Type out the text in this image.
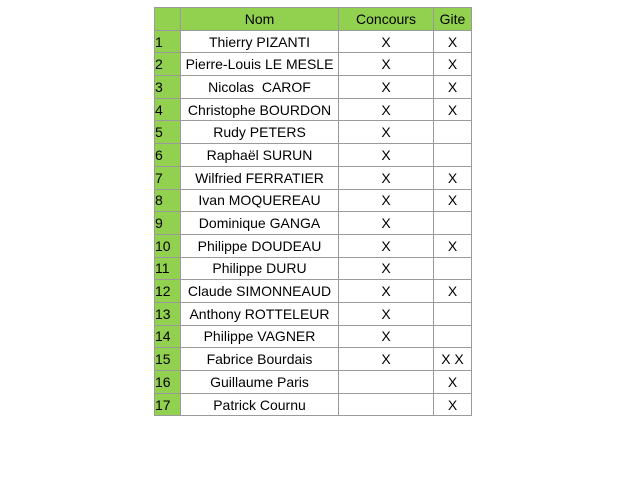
	Nom	Concours	Gite
1	Thierry PIZANTI	X	X
2	Pierre-Louis LE MESLE	X	X
3	Nicolas  CAROF	X	X
4	Christophe BOURDON	X	X
5	Rudy PETERS	X	
6	Raphaël SURUN	X	
7	Wilfried FERRATIER	X	X
8	Ivan MOQUEREAU	X	X
9	Dominique GANGA	X	
10	Philippe DOUDEAU	X	X
11	Philippe DURU	X	
12	Claude SIMONNEAUD	X	X
13	Anthony ROTTELEUR	X	
14	Philippe VAGNER	X	
15	Fabrice Bourdais	X	X X
16	Guillaume Paris		X
17	Patrick Cournu		X
